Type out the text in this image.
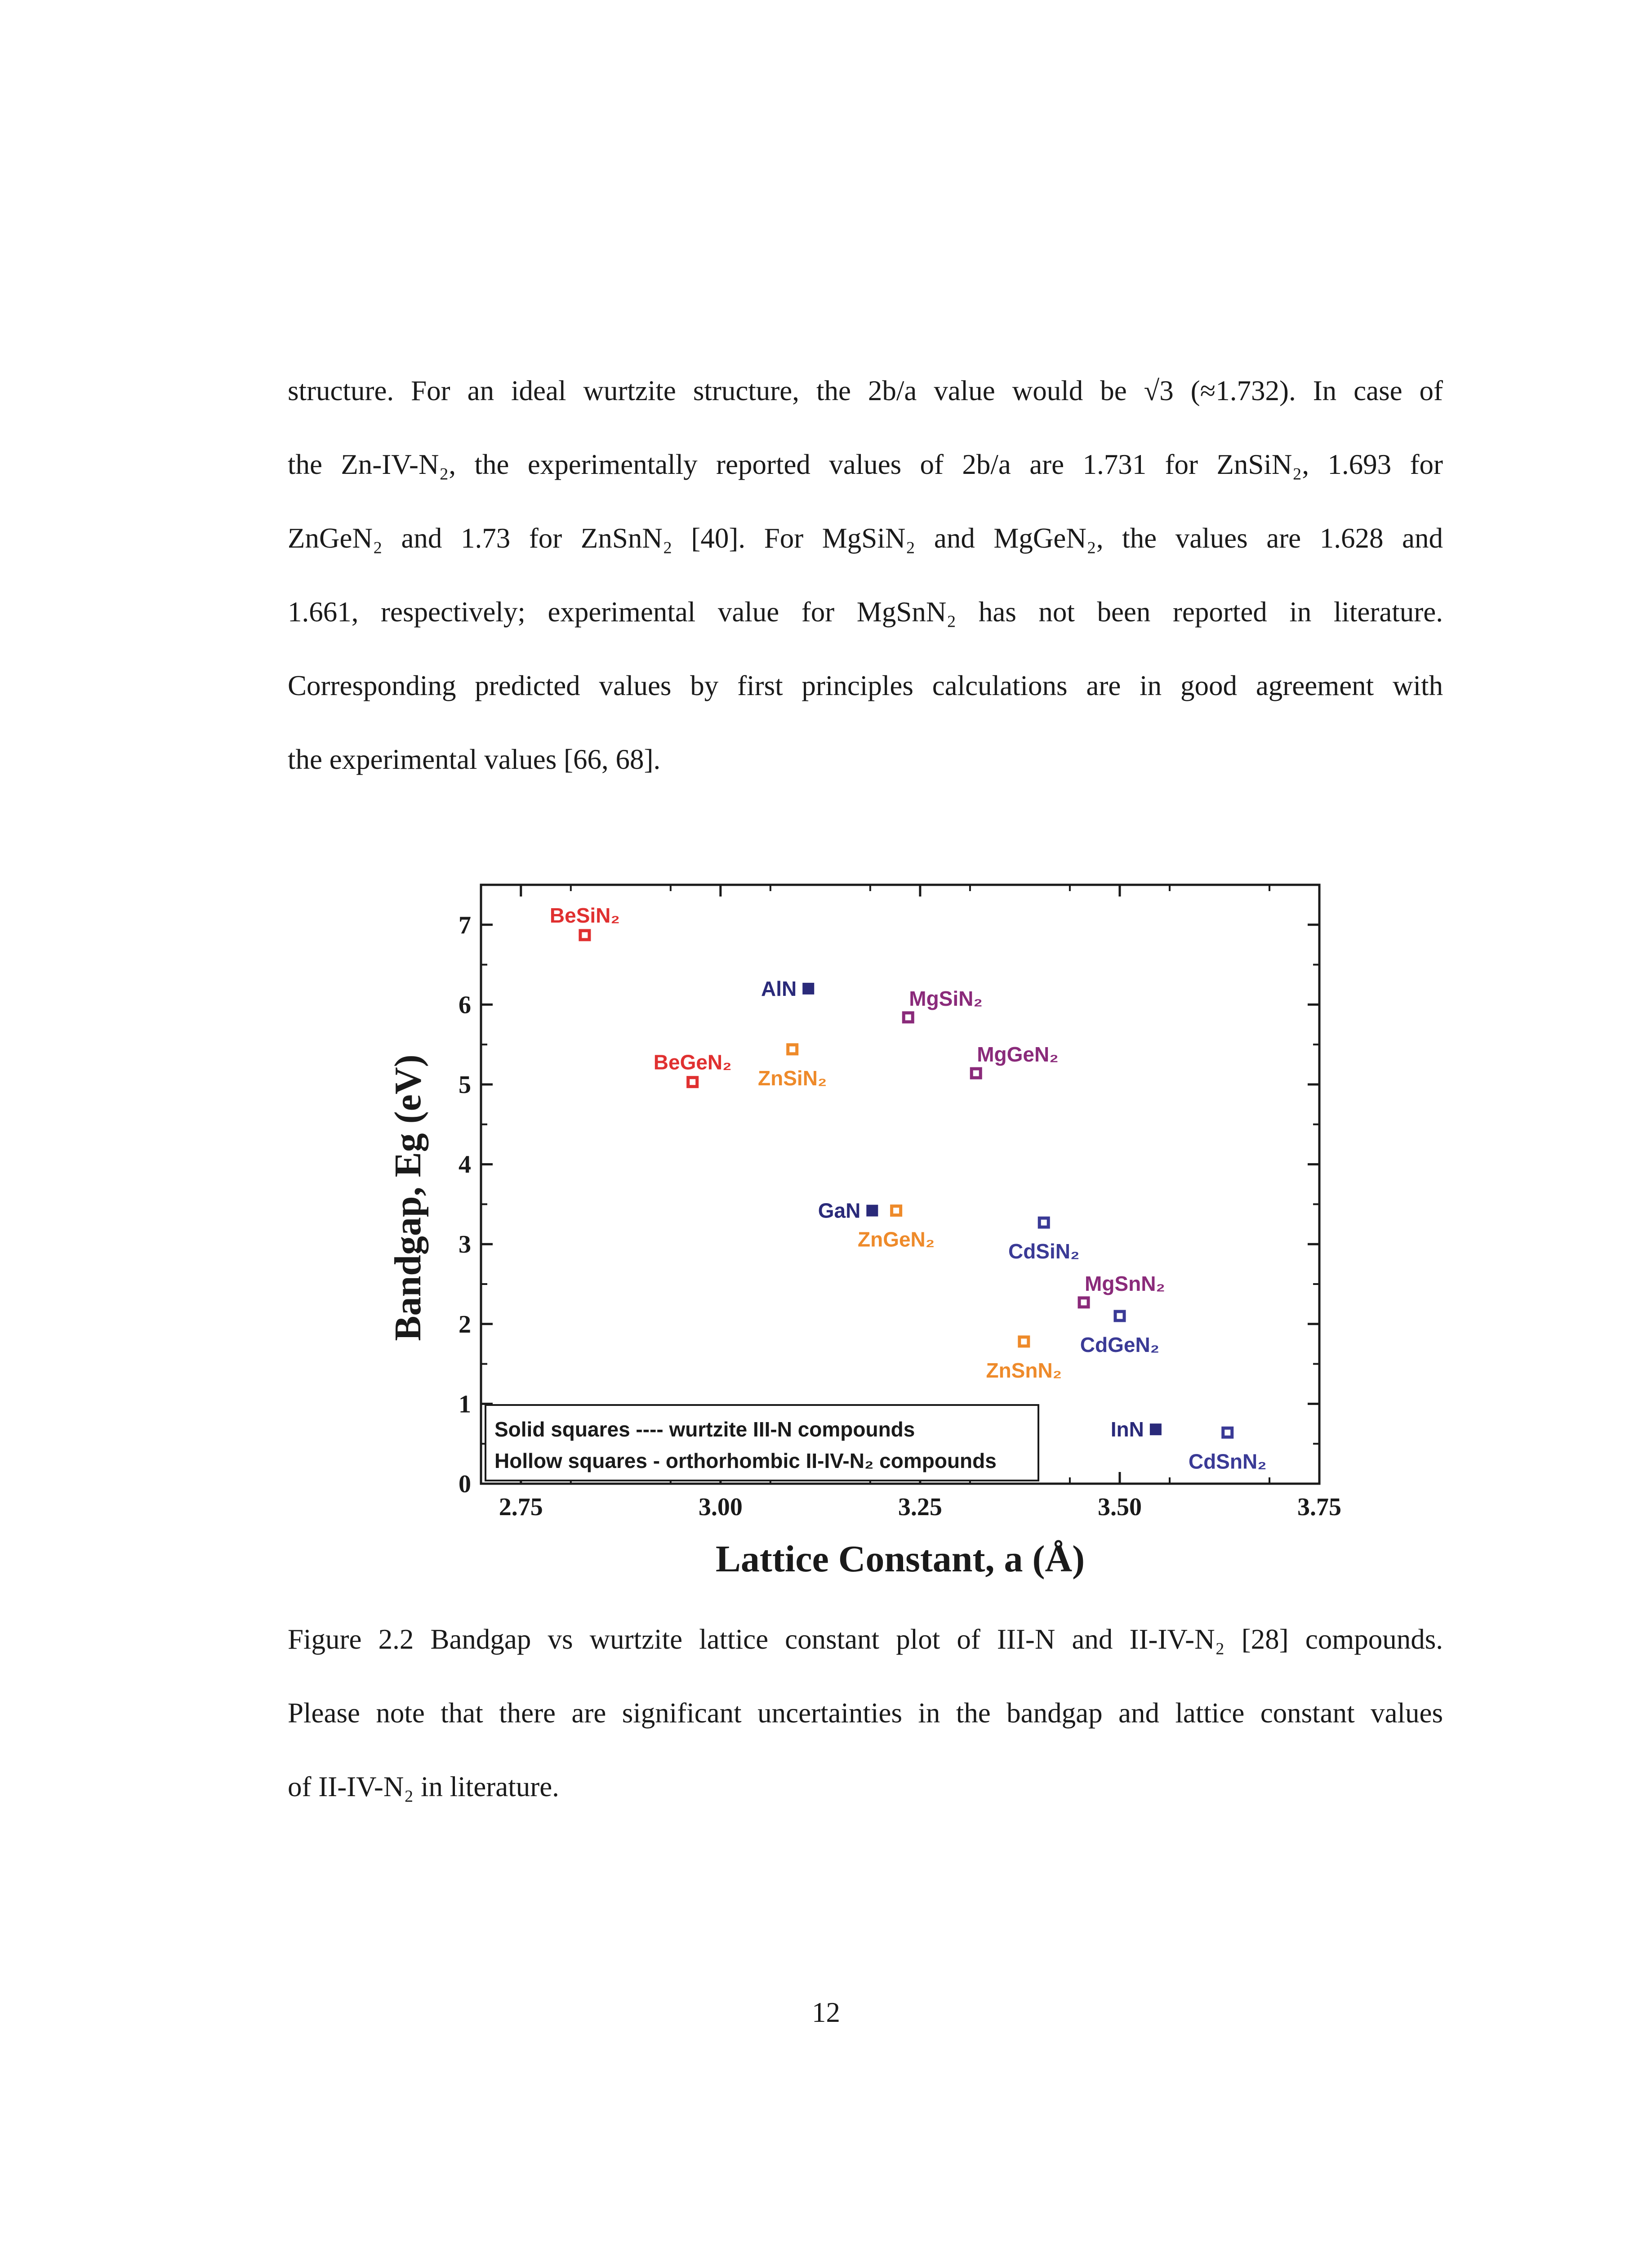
structure. For an ideal wurtzite structure, the 2b/a value would be √3 (≈1.732). In case of
the Zn-IV-N₂, the experimentally reported values of 2b/a are 1.731 for ZnSiN₂, 1.693 for
ZnGeN₂ and 1.73 for ZnSnN₂ [40]. For MgSiN₂ and MgGeN₂, the values are 1.628 and
1.661, respectively; experimental value for MgSnN₂ has not been reported in literature.
Corresponding predicted values by first principles calculations are in good agreement with
the experimental values [66, 68].
2.75	3.00	3.25	3.50	3.75
0
1
2
3
4
5
6
7
Lattice Constant, a (Å)
Bandgap, Eg (eV)
Solid squares ---- wurtzite III-N compounds
Hollow squares - orthorhombic II-IV-N₂ compounds
BeSiN₂
AlN	MgSiN₂
ZnSiN₂
MgGeN₂
BeGeN₂
GaN
ZnGeN₂
CdSiN₂
MgSnN₂
CdGeN₂
ZnSnN₂
InN
CdSnN₂
Figure 2.2 Bandgap vs wurtzite lattice constant plot of III-N and II-IV-N₂ [28] compounds.
Please note that there are significant uncertainties in the bandgap and lattice constant values
of II-IV-N₂ in literature.
12
